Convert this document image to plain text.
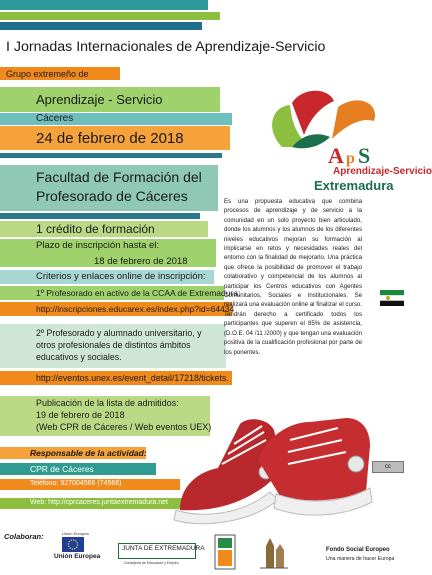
I Jornadas Internacionales de Aprendizaje-Servicio
Grupo extremeño de
Aprendizaje - Servicio
Cáceres
24 de febrero de 2018
Facultad de Formación del
Profesorado de Cáceres
1 crédito de formación
Plazo de inscripción hasta el:
18 de febrero de 2018
Criterios y enlaces online de inscripción:
1º Profesorado en activo de la CCAA de Extremadura:
http://inscripciones.educarex.es/index.php?id=64434
2º Profesorado y alumnado universitario, y
otros profesionales de distintos ámbitos
educativos y sociales.
http://eventos.unex.es/event_detail/17218/tickets.
Publicación de la lista de admitidos:
19 de febrero de 2018
(Web CPR de Cáceres / Web eventos UEX)
Responsable de la actividad:
CPR de Cáceres
Teléfono: 927004566 (74566)
Web: http://cprcaceres.juntaextremadura.net
A p S
Aprendizaje-Servicio
Extremadura
Es una propuesta educativa que combina procesos de aprendizaje y de servicio a la comunidad en un solo proyecto bien articulado, donde los alumnos y los alumnos de los diferentes niveles educativos mejoran su formación al implicarse en retos y necesidades reales del entorno con la finalidad de mejorarlo. Una práctica que ofrece la posibilidad de promover el trabajo colaborativo y competencial de los alumnos al participar los Centros educativos con Agentes Comunitarios, Sociales e Institucionales. Se realizará una evaluación online al finalizar el curso. Tendrán derecho a certificado todos los participantes que superen el 85% de asistencia, (D.O.E. 04 /11 /2000) y que tengan una evaluación positiva de la cualificación profesional por parte de los ponentes.
cc
Colaboran:	Unión Europea
Unión Europea
JUNTA DE EXTREMADURA
Consejería de Educación y Empleo
Fondo Social Europeo
Una manera de hacer Europa
